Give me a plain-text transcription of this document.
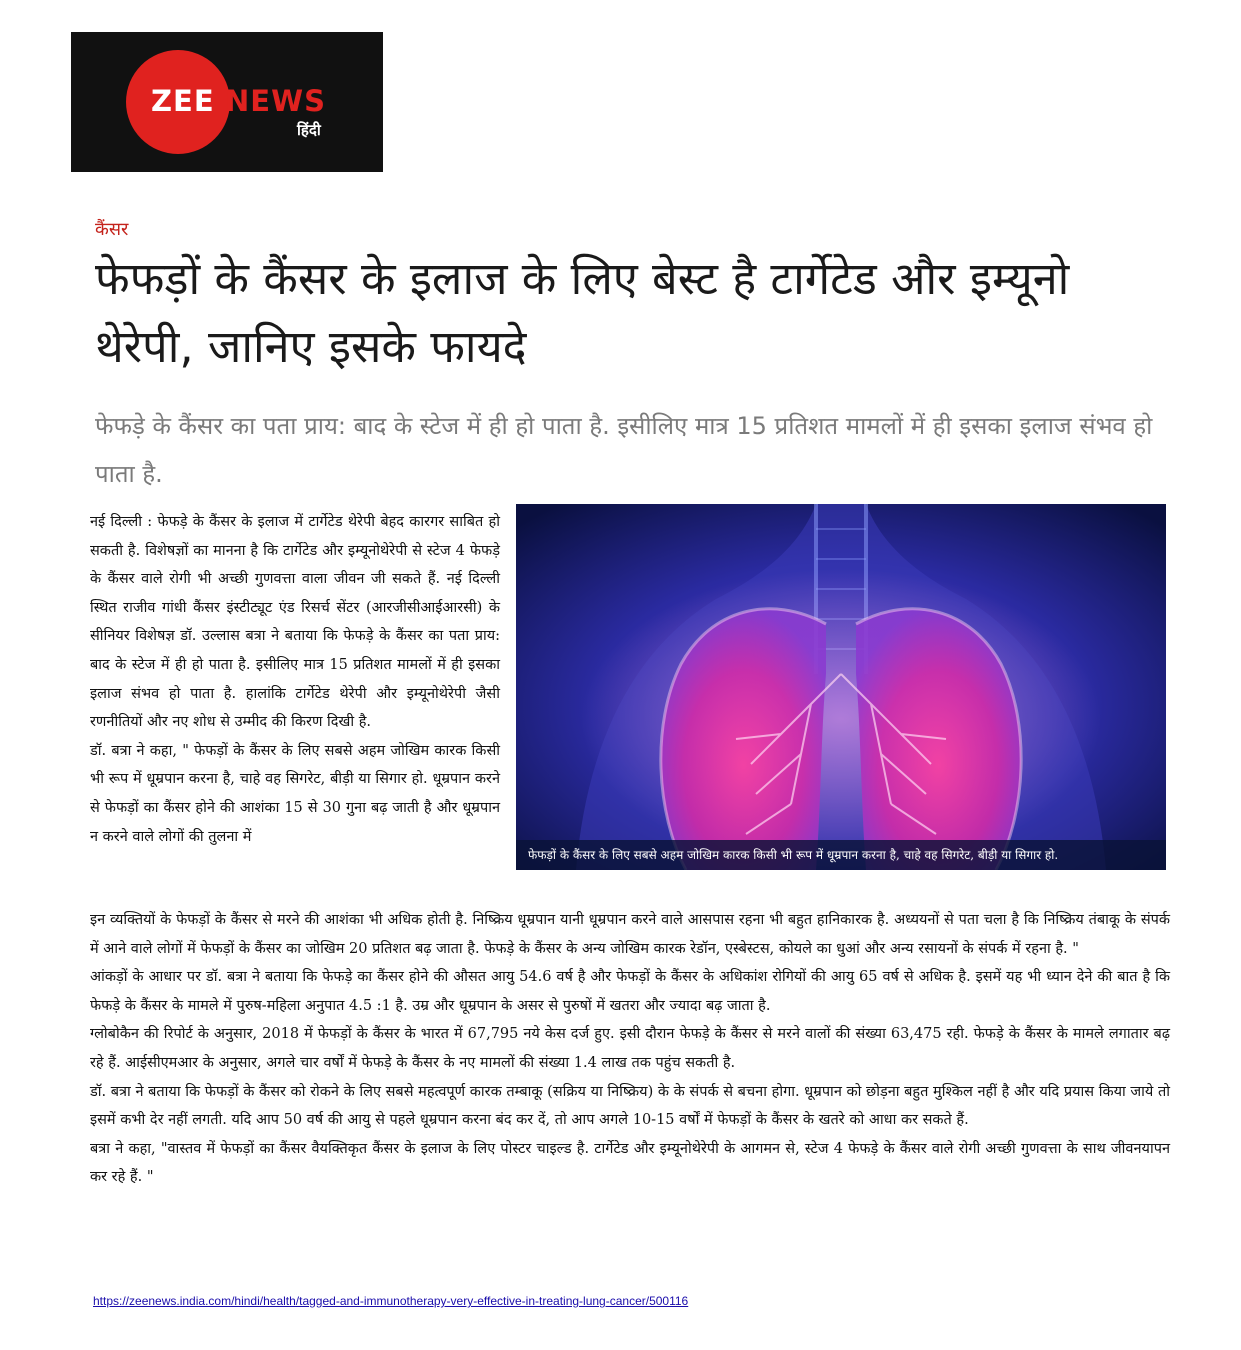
ZEE NEWS
हिंदी
कैंसर
फेफड़ों के कैंसर के इलाज के लिए बेस्ट है टार्गेटेड और इम्यूनो थेरेपी, जानिए इसके फायदे

फेफड़े के कैंसर का पता प्राय: बाद के स्टेज में ही हो पाता है. इसीलिए मात्र 15 प्रतिशत मामलों में ही इसका इलाज संभव हो पाता है.

फेफड़ों के कैंसर के लिए सबसे अहम जोखिम कारक किसी भी रूप में धूम्रपान करना है, चाहे वह सिगरेट, बीड़ी या सिगार हो.

नई दिल्ली : फेफड़े के कैंसर के इलाज में टार्गेटेड थेरेपी बेहद कारगर साबित हो सकती है. विशेषज्ञों का मानना है कि टार्गेटेड और इम्यूनोथेरेपी से स्टेज 4 फेफड़े के कैंसर वाले रोगी भी अच्छी गुणवत्ता वाला जीवन जी सकते हैं. नई दिल्ली स्थित राजीव गांधी कैंसर इंस्टीट्यूट एंड रिसर्च सेंटर (आरजीसीआईआरसी) के सीनियर विशेषज्ञ डॉ. उल्लास बत्रा ने बताया कि फेफड़े के कैंसर का पता प्राय: बाद के स्टेज में ही हो पाता है. इसीलिए मात्र 15 प्रतिशत मामलों में ही इसका इलाज संभव हो पाता है. हालांकि टार्गेटेड थेरेपी और इम्यूनोथेरेपी जैसी रणनीतियों और नए शोध से उम्मीद की किरण दिखी है.

डॉ. बत्रा ने कहा, " फेफड़ों के कैंसर के लिए सबसे अहम जोखिम कारक किसी भी रूप में धूम्रपान करना है, चाहे वह सिगरेट, बीड़ी या सिगार हो. धूम्रपान करने से फेफड़ों का कैंसर होने की आशंका 15 से 30 गुना बढ़ जाती है और धूम्रपान न करने वाले लोगों की तुलना में

इन व्यक्तियों के फेफड़ों के कैंसर से मरने की आशंका भी अधिक होती है. निष्क्रिय धूम्रपान यानी धूम्रपान करने वाले आसपास रहना भी बहुत हानिकारक है. अध्ययनों से पता चला है कि निष्क्रिय तंबाकू के संपर्क में आने वाले लोगों में फेफड़ों के कैंसर का जोखिम 20 प्रतिशत बढ़ जाता है. फेफड़े के कैंसर के अन्य जोखिम कारक रेडॉन, एस्बेस्टस, कोयले का धुआं और अन्य रसायनों के संपर्क में रहना है. "

आंकड़ों के आधार पर डॉ. बत्रा ने बताया कि फेफड़े का कैंसर होने की औसत आयु 54.6 वर्ष है और फेफड़ों के कैंसर के अधिकांश रोगियों की आयु 65 वर्ष से अधिक है. इसमें यह भी ध्यान देने की बात है कि फेफड़े के कैंसर के मामले में पुरुष-महिला अनुपात 4.5 :1 है. उम्र और धूम्रपान के असर से पुरुषों में खतरा और ज्यादा बढ़ जाता है.

ग्लोबोकैन की रिपोर्ट के अनुसार, 2018 में फेफड़ों के कैंसर के भारत में 67,795 नये केस दर्ज हुए. इसी दौरान फेफड़े के कैंसर से मरने वालों की संख्या 63,475 रही. फेफड़े के कैंसर के मामले लगातार बढ़ रहे हैं. आईसीएमआर के अनुसार, अगले चार वर्षों में फेफड़े के कैंसर के नए मामलों की संख्या 1.4 लाख तक पहुंच सकती है.

डॉ. बत्रा ने बताया कि फेफड़ों के कैंसर को रोकने के लिए सबसे महत्वपूर्ण कारक तम्बाकू (सक्रिय या निष्क्रिय) के के संपर्क से बचना होगा. धूम्रपान को छोड़ना बहुत मुश्किल नहीं है और यदि प्रयास किया जाये तो इसमें कभी देर नहीं लगती. यदि आप 50 वर्ष की आयु से पहले धूम्रपान करना बंद कर दें, तो आप अगले 10-15 वर्षों में फेफड़ों के कैंसर के खतरे को आधा कर सकते हैं.

बत्रा ने कहा, "वास्तव में फेफड़ों का कैंसर वैयक्तिकृत कैंसर के इलाज के लिए पोस्टर चाइल्ड है. टार्गेटेड और इम्यूनोथेरेपी के आगमन से, स्टेज 4 फेफड़े के कैंसर वाले रोगी अच्छी गुणवत्ता के साथ जीवनयापन कर रहे हैं. "

https://zeenews.india.com/hindi/health/tagged-and-immunotherapy-very-effective-in-treating-lung-cancer/500116
